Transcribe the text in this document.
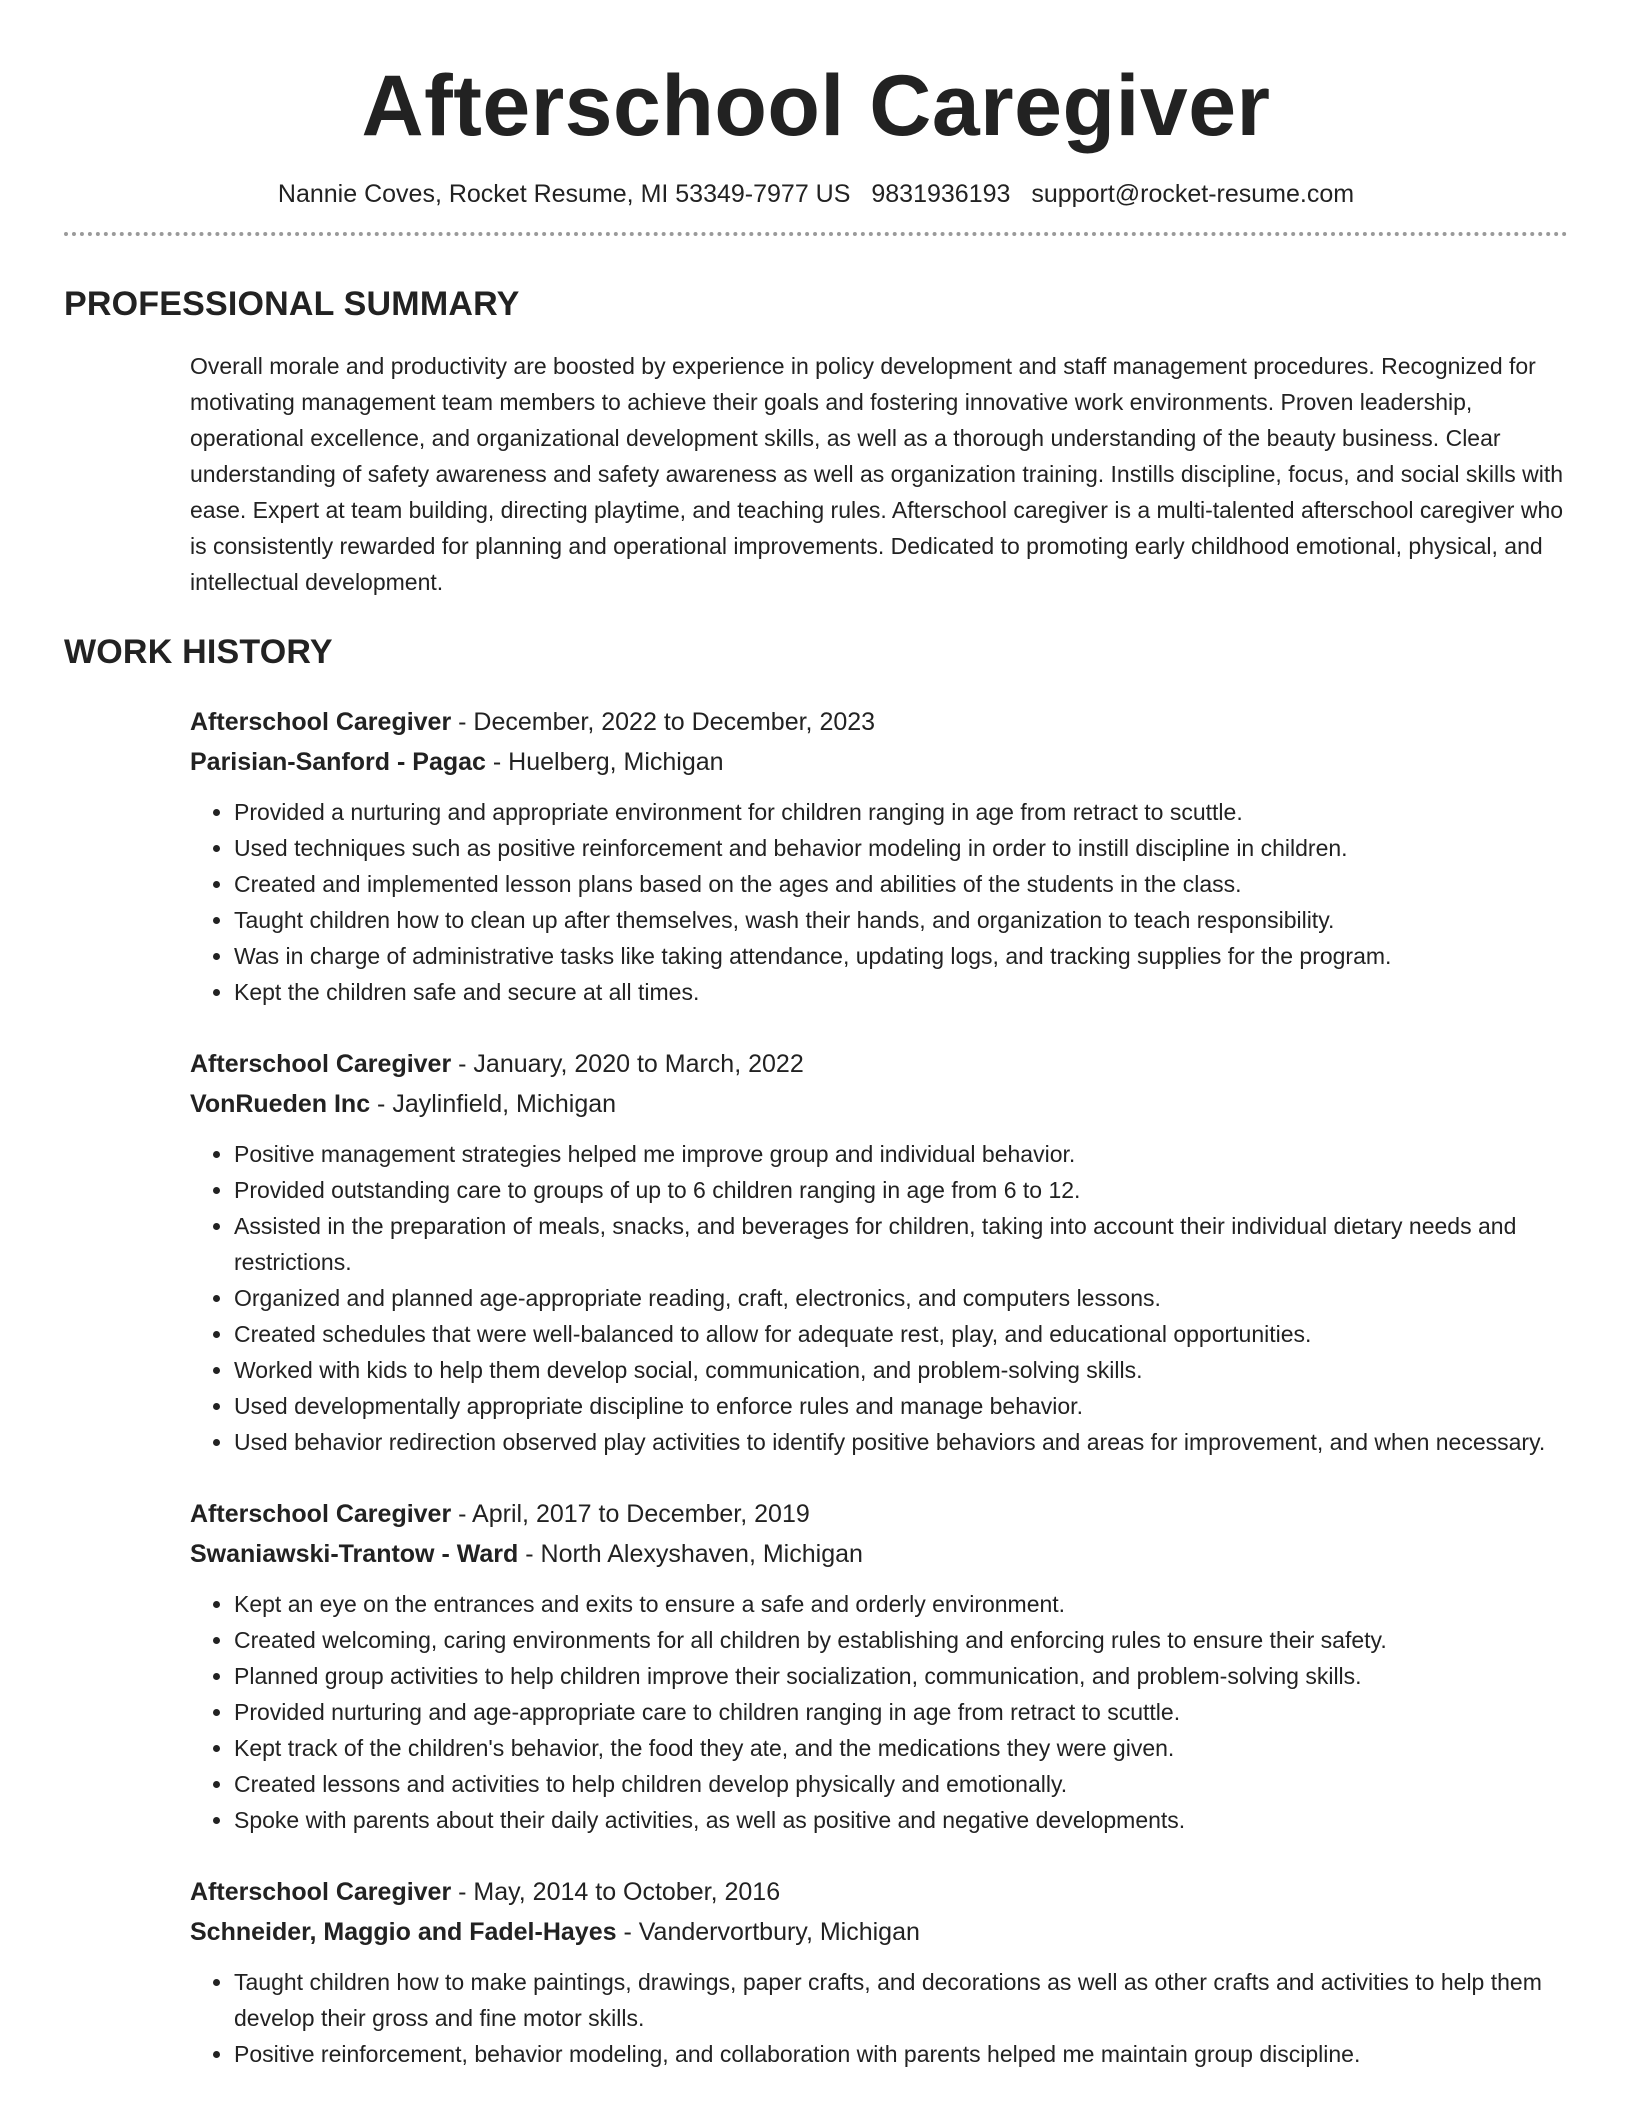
Afterschool Caregiver
Nannie Coves, Rocket Resume, MI 53349-7977 US 9831936193 support@rocket-resume.com
PROFESSIONAL SUMMARY

Overall morale and productivity are boosted by experience in policy development and staff management procedures. Recognized for motivating management team members to achieve their goals and fostering innovative work environments. Proven leadership, operational excellence, and organizational development skills, as well as a thorough understanding of the beauty business. Clear understanding of safety awareness and safety awareness as well as organization training. Instills discipline, focus, and social skills with ease. Expert at team building, directing playtime, and teaching rules. Afterschool caregiver is a multi-talented afterschool caregiver who is consistently rewarded for planning and operational improvements. Dedicated to promoting early childhood emotional, physical, and intellectual development.

WORK HISTORY
Afterschool Caregiver - December, 2022 to December, 2023
Parisian-Sanford - Pagac - Huelberg, Michigan
• Provided a nurturing and appropriate environment for children ranging in age from retract to scuttle.
• Used techniques such as positive reinforcement and behavior modeling in order to instill discipline in children.
• Created and implemented lesson plans based on the ages and abilities of the students in the class.
• Taught children how to clean up after themselves, wash their hands, and organization to teach responsibility.
• Was in charge of administrative tasks like taking attendance, updating logs, and tracking supplies for the program.
• Kept the children safe and secure at all times.
Afterschool Caregiver - January, 2020 to March, 2022
VonRueden Inc - Jaylinfield, Michigan
• Positive management strategies helped me improve group and individual behavior.
• Provided outstanding care to groups of up to 6 children ranging in age from 6 to 12.
• Assisted in the preparation of meals, snacks, and beverages for children, taking into account their individual dietary needs and restrictions.
• Organized and planned age-appropriate reading, craft, electronics, and computers lessons.
• Created schedules that were well-balanced to allow for adequate rest, play, and educational opportunities.
• Worked with kids to help them develop social, communication, and problem-solving skills.
• Used developmentally appropriate discipline to enforce rules and manage behavior.
• Used behavior redirection observed play activities to identify positive behaviors and areas for improvement, and when necessary.
Afterschool Caregiver - April, 2017 to December, 2019
Swaniawski-Trantow - Ward - North Alexyshaven, Michigan
• Kept an eye on the entrances and exits to ensure a safe and orderly environment.
• Created welcoming, caring environments for all children by establishing and enforcing rules to ensure their safety.
• Planned group activities to help children improve their socialization, communication, and problem-solving skills.
• Provided nurturing and age-appropriate care to children ranging in age from retract to scuttle.
• Kept track of the children's behavior, the food they ate, and the medications they were given.
• Created lessons and activities to help children develop physically and emotionally.
• Spoke with parents about their daily activities, as well as positive and negative developments.
Afterschool Caregiver - May, 2014 to October, 2016
Schneider, Maggio and Fadel-Hayes - Vandervortbury, Michigan
• Taught children how to make paintings, drawings, paper crafts, and decorations as well as other crafts and activities to help them develop their gross and fine motor skills.
• Positive reinforcement, behavior modeling, and collaboration with parents helped me maintain group discipline.
